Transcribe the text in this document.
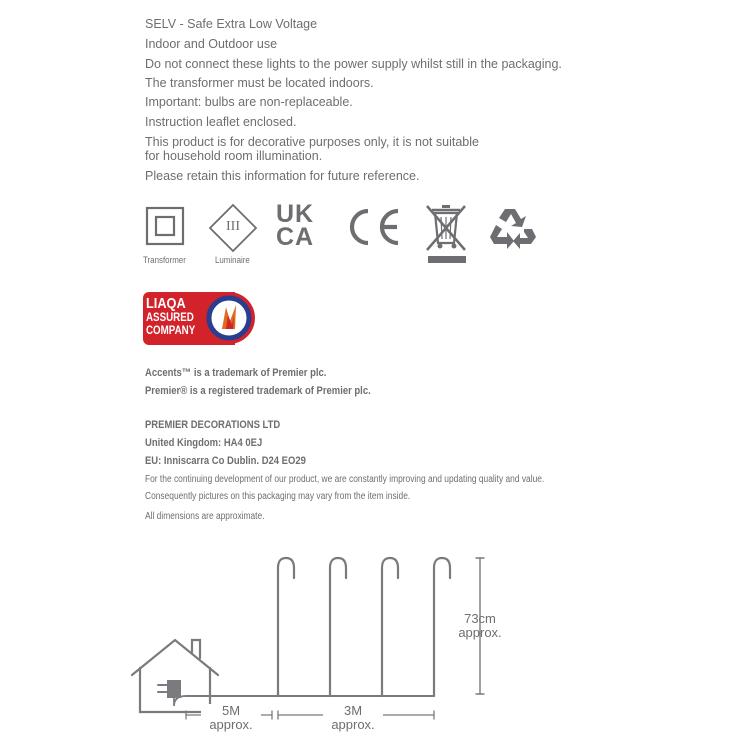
SELV - Safe Extra Low Voltage
Indoor and Outdoor use
Do not connect these lights to the power supply whilst still in the packaging.
The transformer must be located indoors.
Important: bulbs are non-replaceable.
Instruction leaflet enclosed.
This product is for decorative purposes only, it is not suitable
for household room illumination.
Please retain this information for future reference.
Transformer
III
Luminaire
UK
CA
LIAQA
ASSURED
COMPANY
Accents™ is a trademark of Premier plc.
Premier® is a registered trademark of Premier plc.
PREMIER DECORATIONS LTD
United Kingdom: HA4 0EJ
EU: Inniscarra Co Dublin. D24 EO29
For the continuing development of our product, we are constantly improving and updating quality and value.
Consequently pictures on this packaging may vary from the item inside.
All dimensions are approximate.
73cm
approx.
5M
approx.
3M
approx.
